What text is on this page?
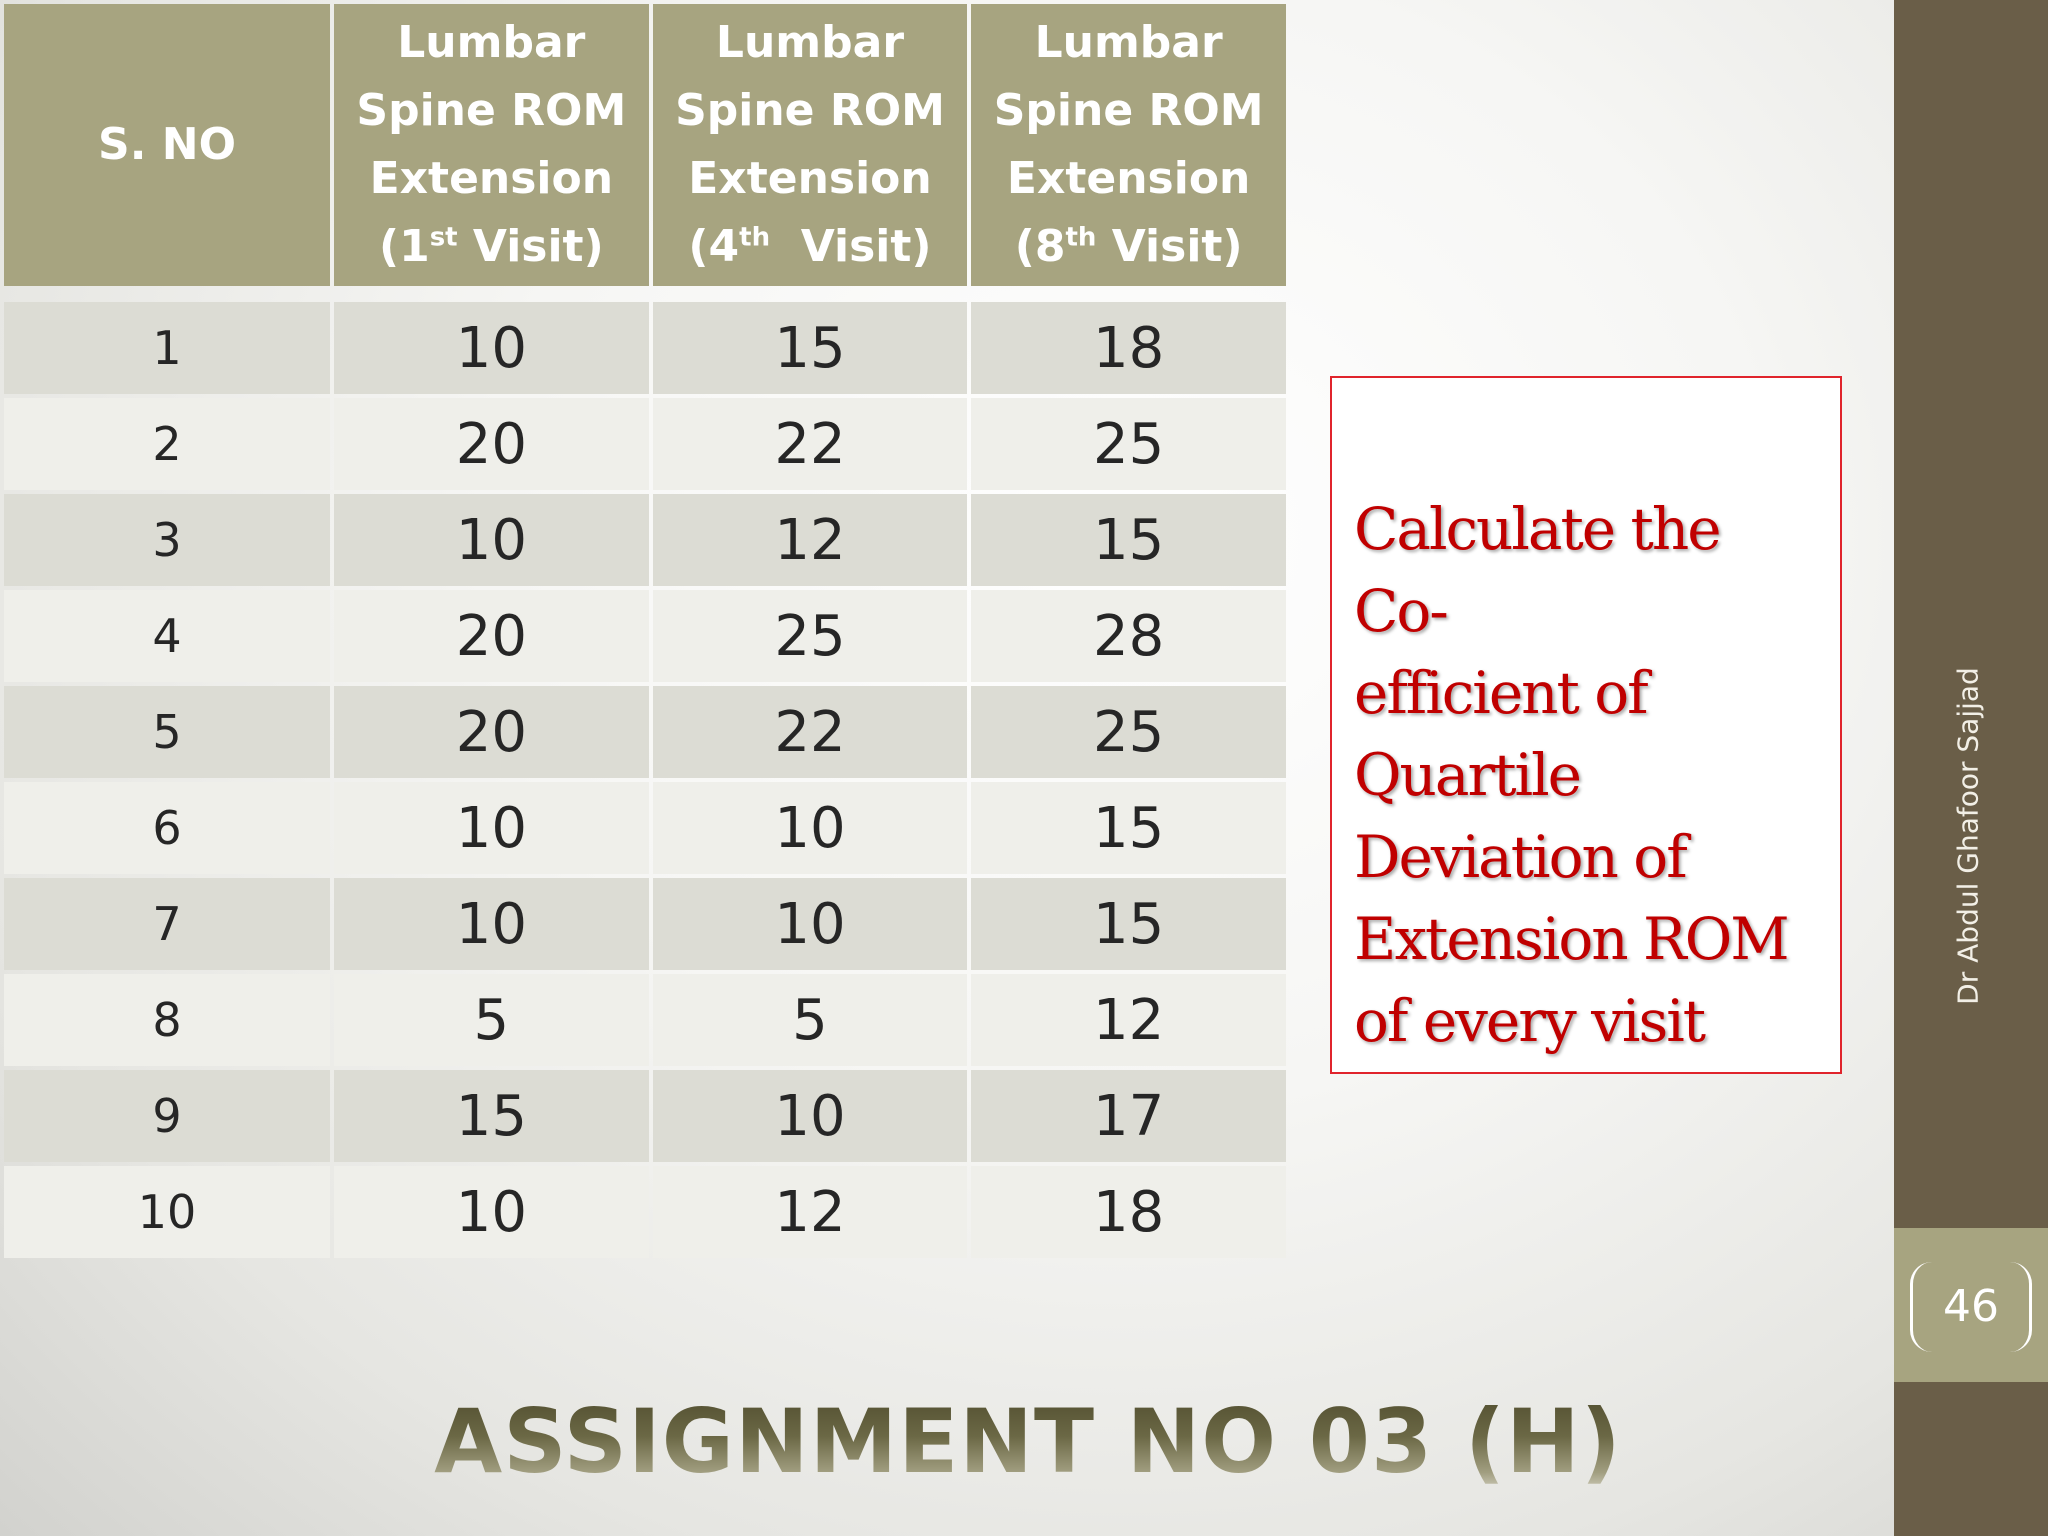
S. NO	Lumbar
Spine ROM
Extension
(1st Visit)	Lumbar
Spine ROM
Extension
(4th  Visit)	Lumbar
Spine ROM
Extension
(8th Visit)

1	10	15	18
2	20	22	25
3	10	12	15
4	20	25	28
5	20	22	25
6	10	10	15
7	10	10	15
8	5	5	12
9	15	10	17
10	10	12	18
Calculate the Co-
efficient of
Quartile
Deviation of
Extension ROM
of every visit
Dr Abdul Ghafoor Sajjad
46
ASSIGNMENT NO 03 (H)
